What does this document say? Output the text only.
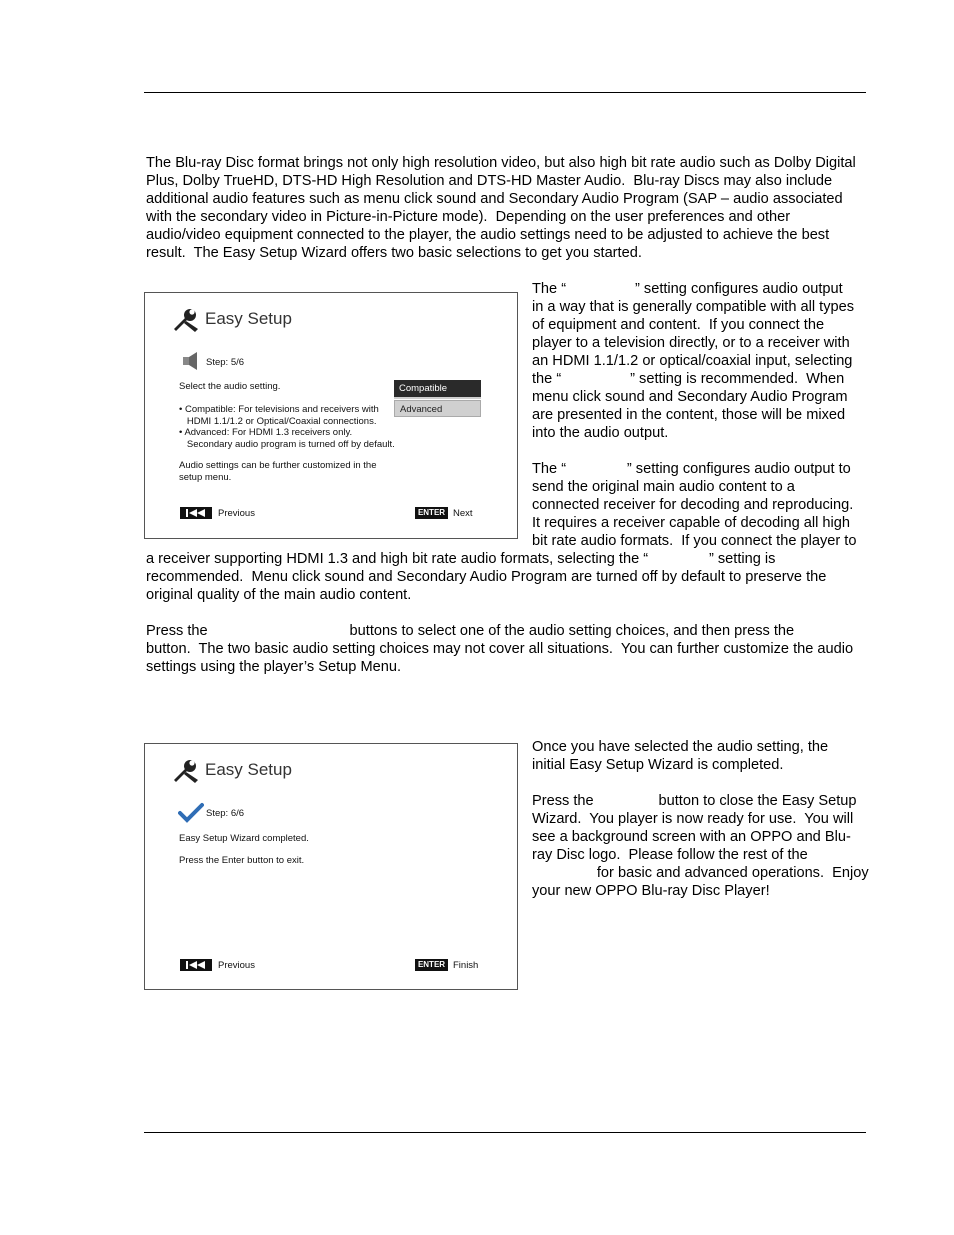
The Blu-ray Disc format brings not only high resolution video, but also high bit rate audio such as Dolby Digital
Plus, Dolby TrueHD, DTS-HD High Resolution and DTS-HD Master Audio.  Blu-ray Discs may also include
additional audio features such as menu click sound and Secondary Audio Program (SAP – audio associated
with the secondary video in Picture-in-Picture mode).  Depending on the user preferences and other
audio/video equipment connected to the player, the audio settings need to be adjusted to achieve the best
result.  The Easy Setup Wizard offers two basic selections to get you started.
Easy Setup
Step: 5/6
Select the audio setting.
• Compatible: For televisions and receivers with
HDMI 1.1/1.2 or Optical/Coaxial connections.
• Advanced: For HDMI 1.3 receivers only.
Secondary audio program is turned off by default.
Audio settings can be further customized in the
setup menu.
Compatible
Advanced
Previous	ENTER Next
The “                 ” setting configures audio output
in a way that is generally compatible with all types
of equipment and content.  If you connect the
player to a television directly, or to a receiver with
an HDMI 1.1/1.2 or optical/coaxial input, selecting
the “                 ” setting is recommended.  When
menu click sound and Secondary Audio Program
are presented in the content, those will be mixed
into the audio output.

The “               ” setting configures audio output to
send the original main audio content to a
connected receiver for decoding and reproducing.
It requires a receiver capable of decoding all high
bit rate audio formats.  If you connect the player to
a receiver supporting HDMI 1.3 and high bit rate audio formats, selecting the “               ” setting is
recommended.  Menu click sound and Secondary Audio Program are turned off by default to preserve the
original quality of the main audio content.

Press the                                   buttons to select one of the audio setting choices, and then press the
button.  The two basic audio setting choices may not cover all situations.  You can further customize the audio
settings using the player’s Setup Menu.
Easy Setup
Step: 6/6
Easy Setup Wizard completed.
Press the Enter button to exit.
Previous	ENTER Finish
Once you have selected the audio setting, the
initial Easy Setup Wizard is completed.

Press the                button to close the Easy Setup
Wizard.  You player is now ready for use.  You will
see a background screen with an OPPO and Blu-
ray Disc logo.  Please follow the rest of the
for basic and advanced operations.  Enjoy
your new OPPO Blu-ray Disc Player!
